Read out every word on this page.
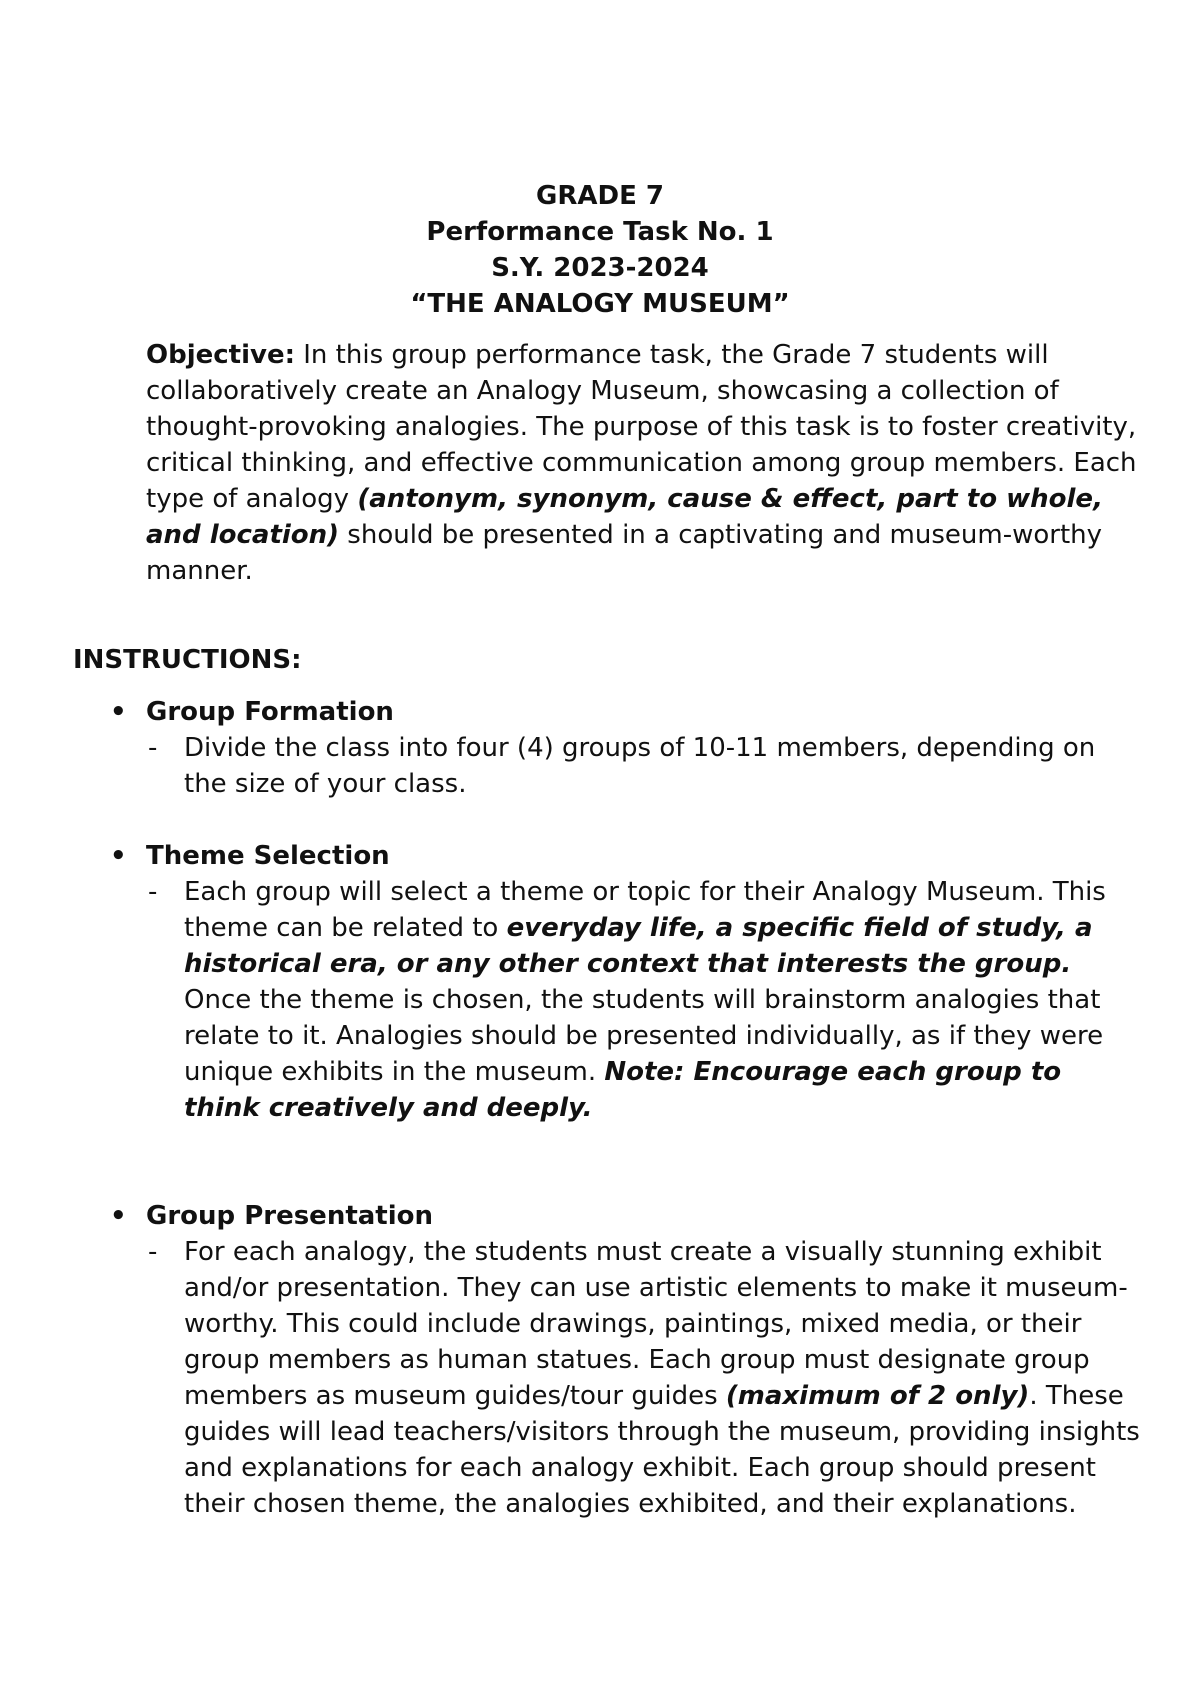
GRADE 7
Performance Task No. 1
S.Y. 2023-2024
“THE ANALOGY MUSEUM”
Objective: In this group performance task, the Grade 7 students will collaboratively create an Analogy Museum, showcasing a collection of thought-provoking analogies. The purpose of this task is to foster creativity, critical thinking, and effective communication among group members. Each type of analogy (antonym, synonym, cause & effect, part to whole, and location) should be presented in a captivating and museum-worthy manner.
INSTRUCTIONS:
• Group Formation
- Divide the class into four (4) groups of 10-11 members, depending on the size of your class.
• Theme Selection
- Each group will select a theme or topic for their Analogy Museum. This theme can be related to everyday life, a specific field of study, a historical era, or any other context that interests the group. Once the theme is chosen, the students will brainstorm analogies that relate to it. Analogies should be presented individually, as if they were unique exhibits in the museum. Note: Encourage each group to think creatively and deeply.
• Group Presentation
- For each analogy, the students must create a visually stunning exhibit and/or presentation. They can use artistic elements to make it museum-worthy. This could include drawings, paintings, mixed media, or their group members as human statues. Each group must designate group members as museum guides/tour guides (maximum of 2 only). These guides will lead teachers/visitors through the museum, providing insights and explanations for each analogy exhibit. Each group should present their chosen theme, the analogies exhibited, and their explanations.
